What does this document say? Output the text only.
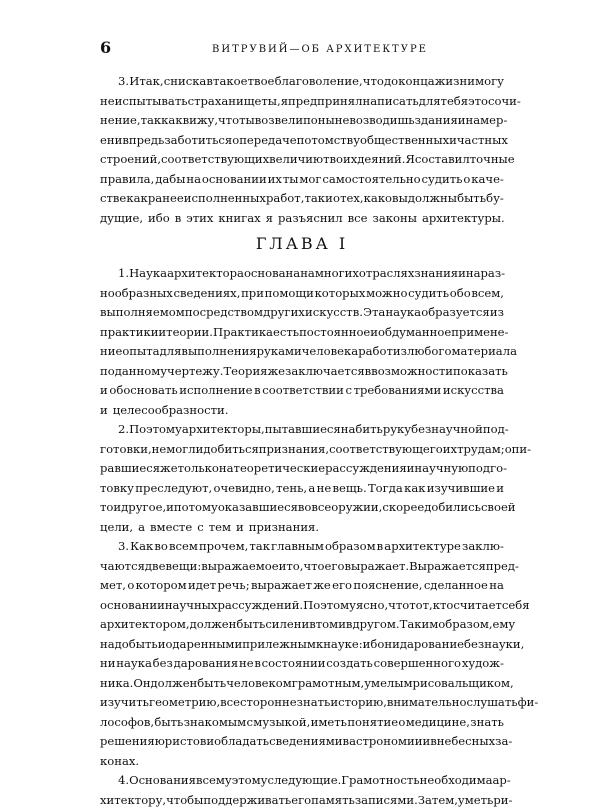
6	ВИТРУВИЙ—ОБ АРХИТЕКТУРЕ

3. Итак, снискав такое твое благоволение, что до конца жизни могу

не испытывать страха нищеты, я предпринял написать для тебя это сочи-

нение, так как вижу, что ты возвел и поныне возводишь здания и намер-

ен и впредь заботиться о передаче потомству общественных и частных

строений, соответствующих величию твоих деяний. Я составил точные

правила, дабы на основании их ты мог самостоятельно судить о каче-

стве как ранее исполненных работ, так и о тех, каковы должны быть бу-

дущие, ибо в этих книгах я разъяснил все законы архитектуры.

ГЛАВА I

1. Наука архитектора основана на многих отраслях знания и на раз-

нообразных сведениях, при помощи которых можно судить обо всем,

выполняемом посредством других искусств. Эта наука образуется из

практики и теории. Практика есть постоянное и обдуманное примене-

ние опыта для выполнения руками человека работ из любого материала

по данному чертежу. Теория же заключается в возможности показать

и обосновать исполнение в соответствии с требованиями искусства

и целесообразности.

2. Поэтому архитекторы, пытавшиеся набить руку без научной под-

готовки, не могли добиться признания, соответствующего их трудам; опи-

равшиеся же только на теоретические рассуждения и научную подго-

товку преследуют, очевидно, тень, а не вещь. Тогда как изучившие и

то и другое, и потому оказавшиеся во всеоружии, скорее добились своей

цели, а вместе с тем и признания.

3. Как во всем прочем, так главным образом в архитектуре заклю-

чаются две вещи: выражаемое и то, что его выражает. Выражается пред-

мет, о котором идет речь; выражает же его пояснение, сделанное на

основании научных рассуждений. Поэтому ясно, что тот, кто считает себя

архитектором, должен быть силен и в том и в другом. Таким образом, ему

надо быть и одаренным и прилежным к науке: ибо ни дарование без науки,

ни наука без дарования не в состоянии создать совершенного худож-

ника. Он должен быть человеком грамотным, умелым рисовальщиком,

изучить геометрию, всесторонне знать историю, внимательно слушать фи-

лософов, быть знакомым с музыкой, иметь понятие о медицине, знать

решения юристов и обладать сведениями в астрономии и в небесных за-

конах.

4. Основания всему этому следующие. Грамотность необходима ар-

хитектору, чтобы поддерживать его память записями. Затем, уметь ри-
